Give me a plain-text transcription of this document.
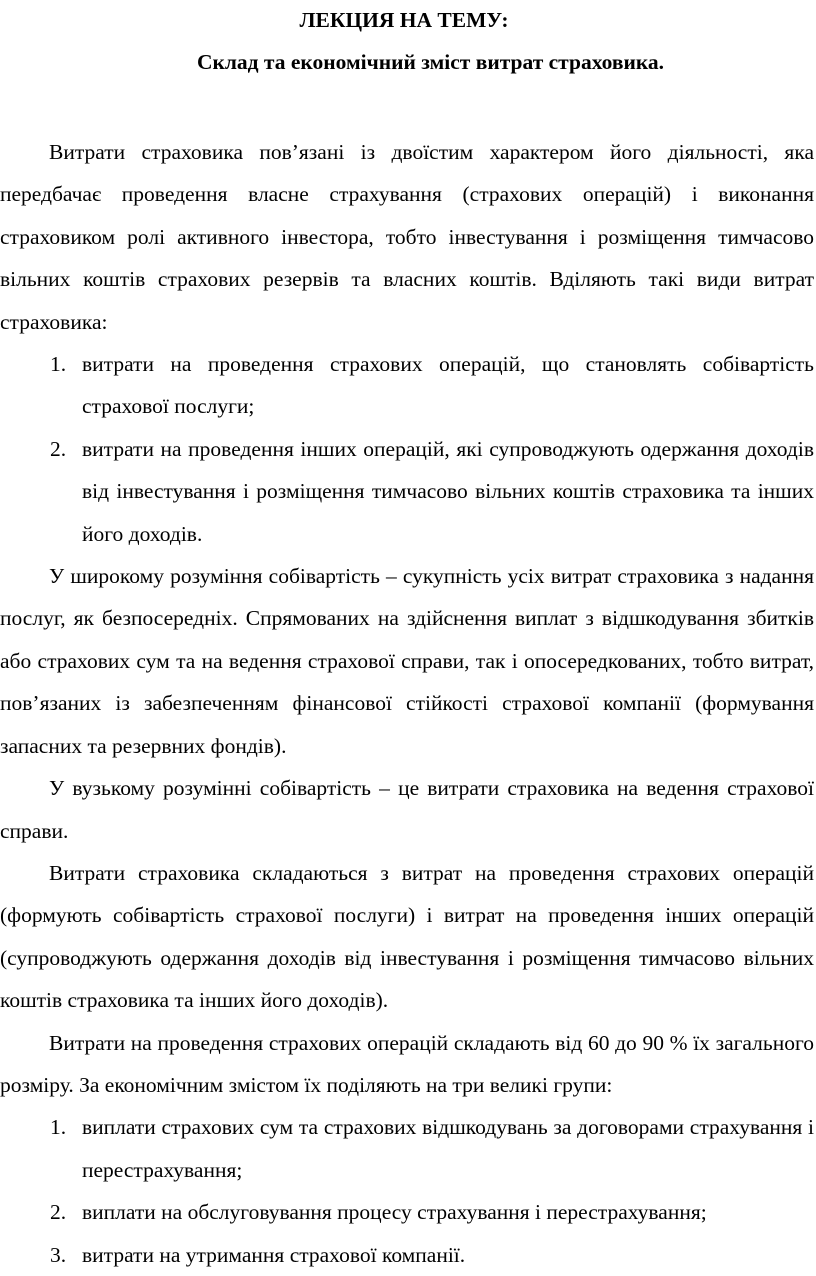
ЛЕКЦИЯ НА ТЕМУ:

Склад та економічний зміст витрат страховика.

Витрати страховика пов’язані із двоїстим характером його діяльності, яка передбачає проведення власне страхування (страхових операцій) і виконання страховиком ролі активного інвестора, тобто інвестування і розміщення тимчасово вільних коштів страхових резервів та власних коштів. Вділяють такі види витрат страховика:

1. витрати на проведення страхових операцій, що становлять собівартість страхової послуги;
2. витрати на проведення інших операцій, які супроводжують одержання доходів від інвестування і розміщення тимчасово вільних коштів страховика та інших його доходів.

У широкому розуміння собівартість – сукупність усіх витрат страховика з надання послуг, як безпосередніх. Спрямованих на здійснення виплат з відшкодування збитків або страхових сум та на ведення страхової справи, так і опосередкованих, тобто витрат, пов’язаних із забезпеченням фінансової стійкості страхової компанії (формування запасних та резервних фондів).

У вузькому розумінні собівартість – це витрати страховика на ведення страхової справи.

Витрати страховика складаються з витрат на проведення страхових операцій (формують собівартість страхової послуги) і витрат на проведення інших операцій (супроводжують одержання доходів від інвестування і розміщення тимчасово вільних коштів страховика та інших його доходів).

Витрати на проведення страхових операцій складають від 60 до 90 % їх загального розміру. За економічним змістом їх поділяють на три великі групи:

1. виплати страхових сум та страхових відшкодувань за договорами страхування і перестрахування;
2. виплати на обслуговування процесу страхування і перестрахування;
3. витрати на утримання страхової компанії.
